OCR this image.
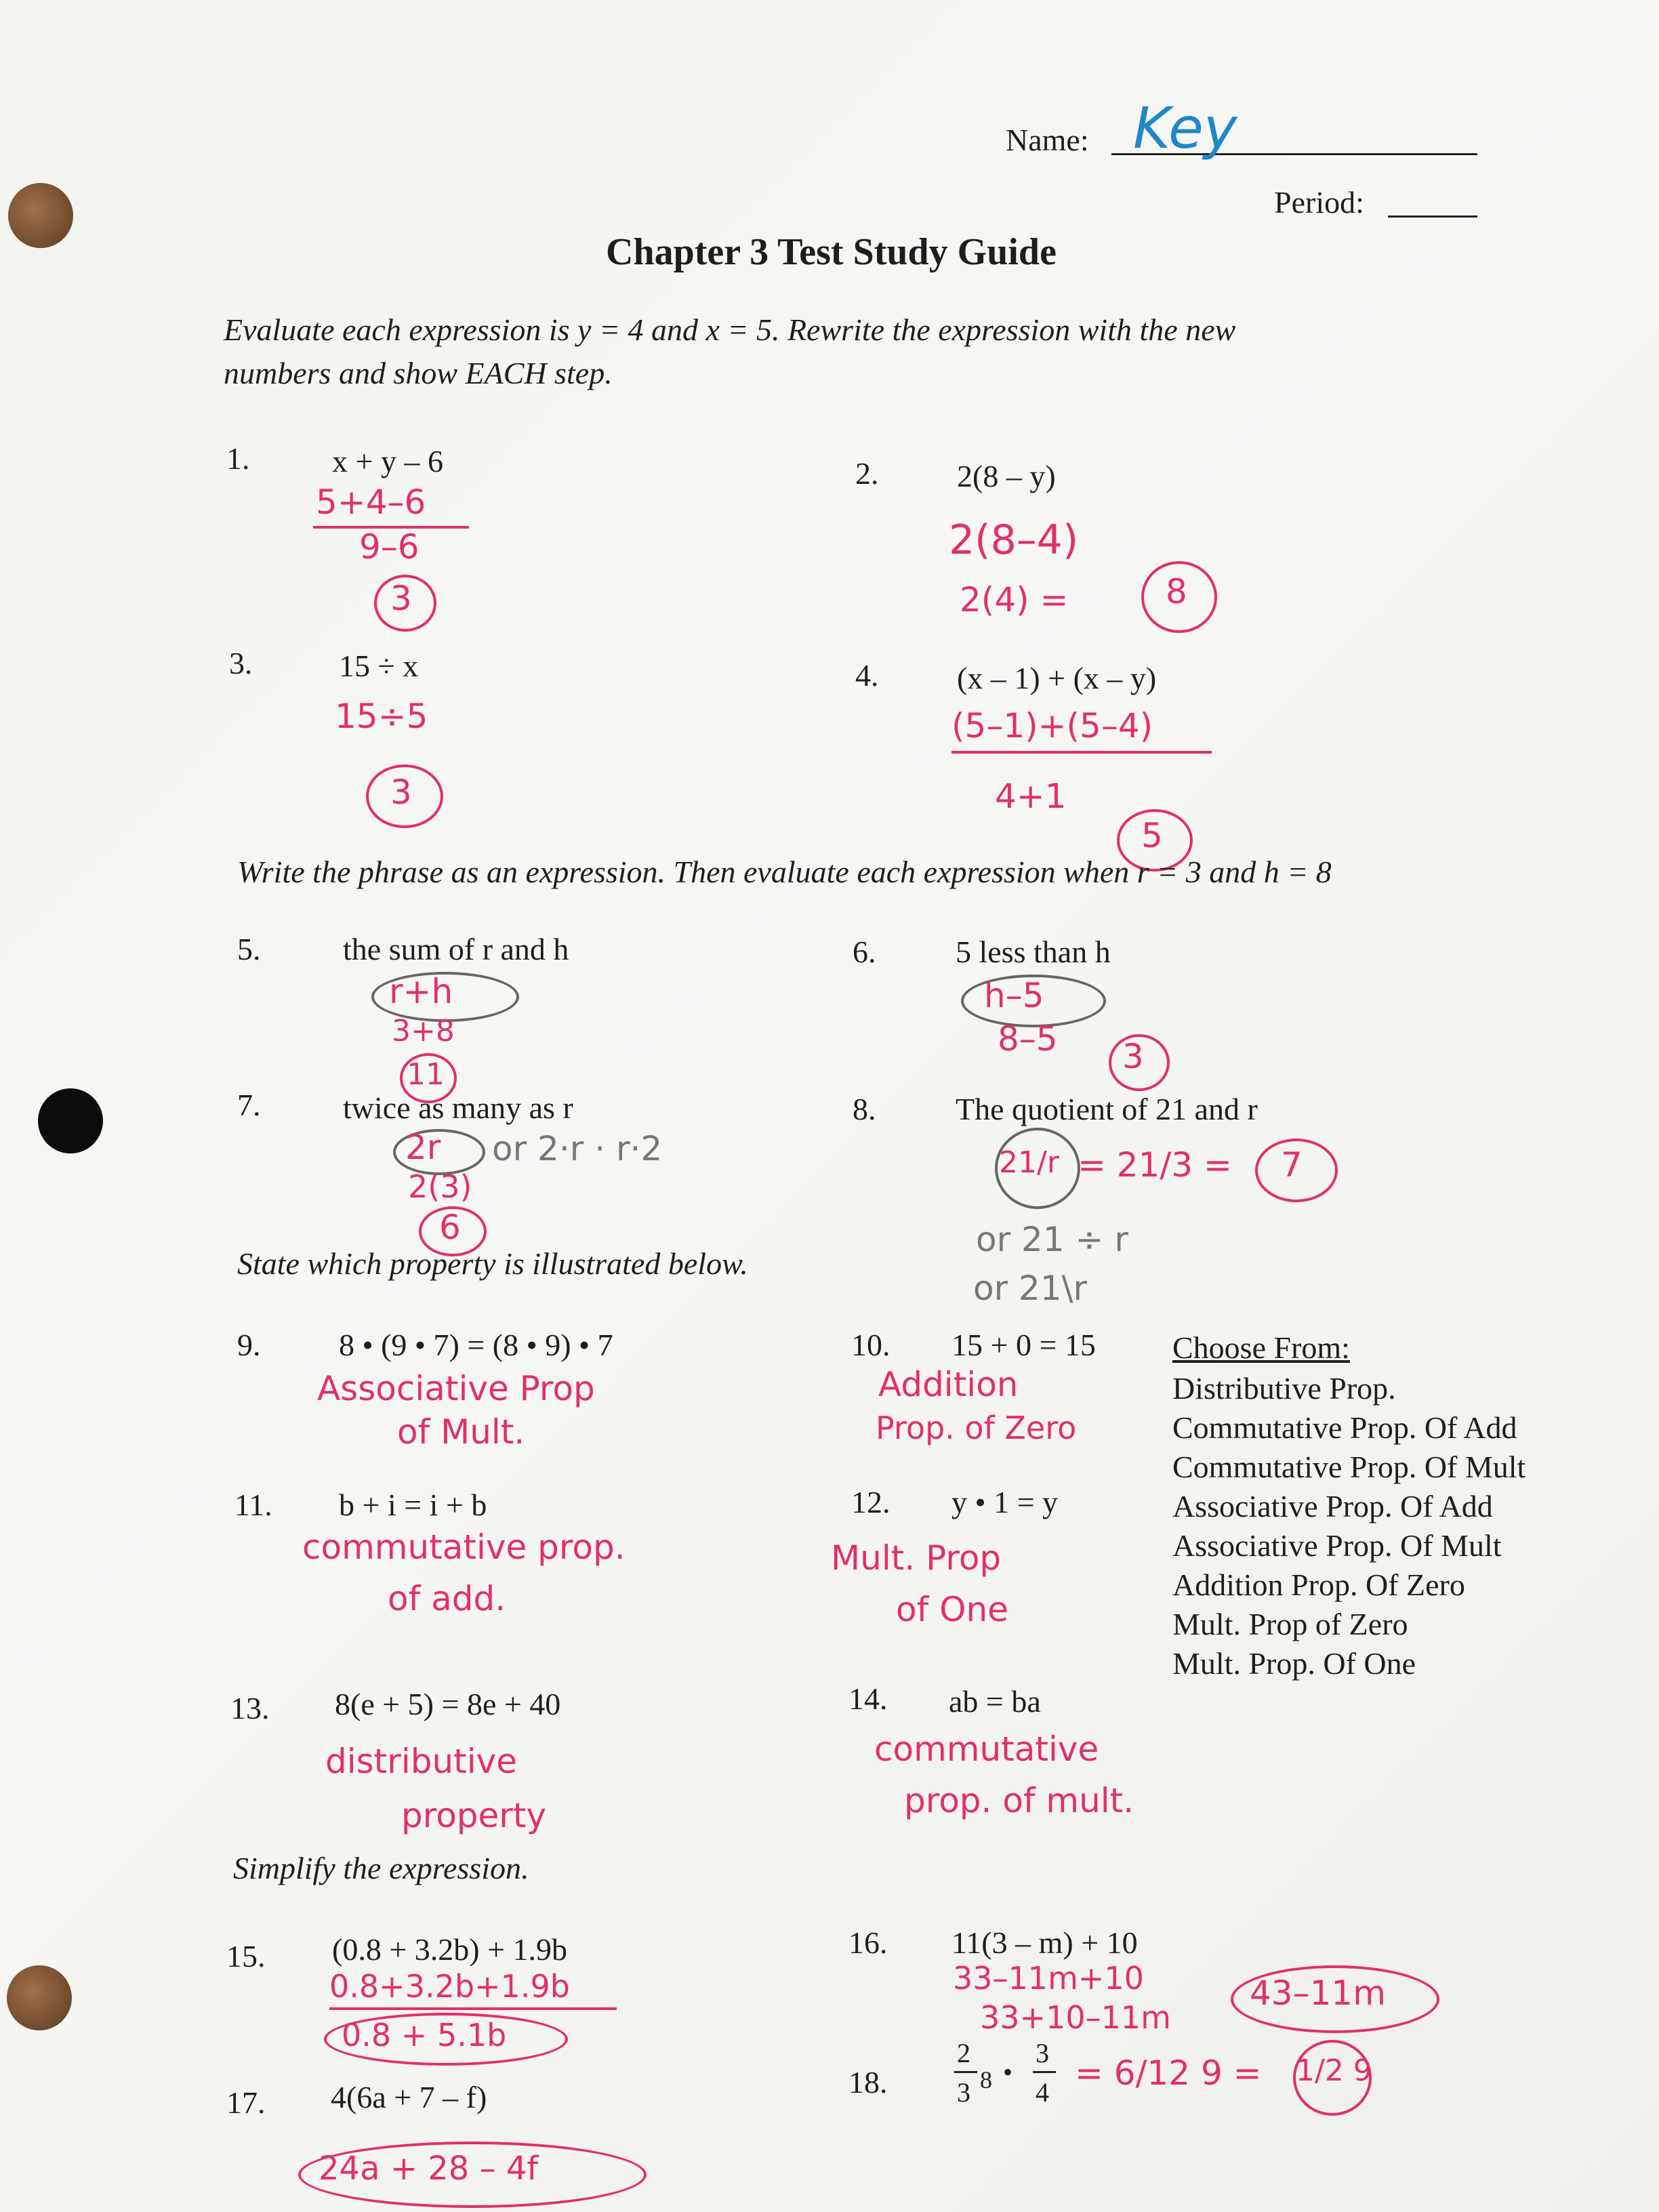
Name: Key
Period:
Chapter 3 Test Study Guide
Evaluate each expression is y = 4 and x = 5. Rewrite the expression with the new
numbers and show EACH step.
1.	x + y – 6
5+4–6
9–6
3
2.	2(8 – y)
2(8–4)
2(4) =	8
3.	15 ÷ x
15÷5
3
4.	(x – 1) + (x – y)
(5–1)+(5–4)
4+1
5
Write the phrase as an expression. Then evaluate each expression when r = 3 and h = 8
5.	the sum of r and h
r+h
3+8
11
6.	5 less than h
h–5
8–5 3
7.	twice as many as r
2r or 2·r · r·2
2(3)
6
8.	The quotient of 21 and r
21/r = 21/3 = 7
or 21 ÷ r
or 21\r
State which property is illustrated below.
9.	8 • (9 • 7) = (8 • 9) • 7
Associative Prop
of Mult.
10. 15 + 0 = 15
Addition
Prop. of Zero
11. b + i = i + b
commutative prop.
of add.
12. y • 1 = y
Mult. Prop
of One
13. 8(e + 5) = 8e + 40
distributive
property
14. ab = ba
commutative
prop. of mult.
Choose From:
Distributive Prop.
Commutative Prop. Of Add
Commutative Prop. Of Mult
Associative Prop. Of Add
Associative Prop. Of Mult
Addition Prop. Of Zero
Mult. Prop of Zero
Mult. Prop. Of One
Simplify the expression.
15. (0.8 + 3.2b) + 1.9b
0.8+3.2b+1.9b
0.8 + 5.1b
16. 11(3 – m) + 10
33–11m+10
33+10–11m
43–11m
17. 4(6a + 7 – f)
24a + 28 – 4f
18.
2
3 8 •
3
4 = 6/12 9 = 1/2 9
